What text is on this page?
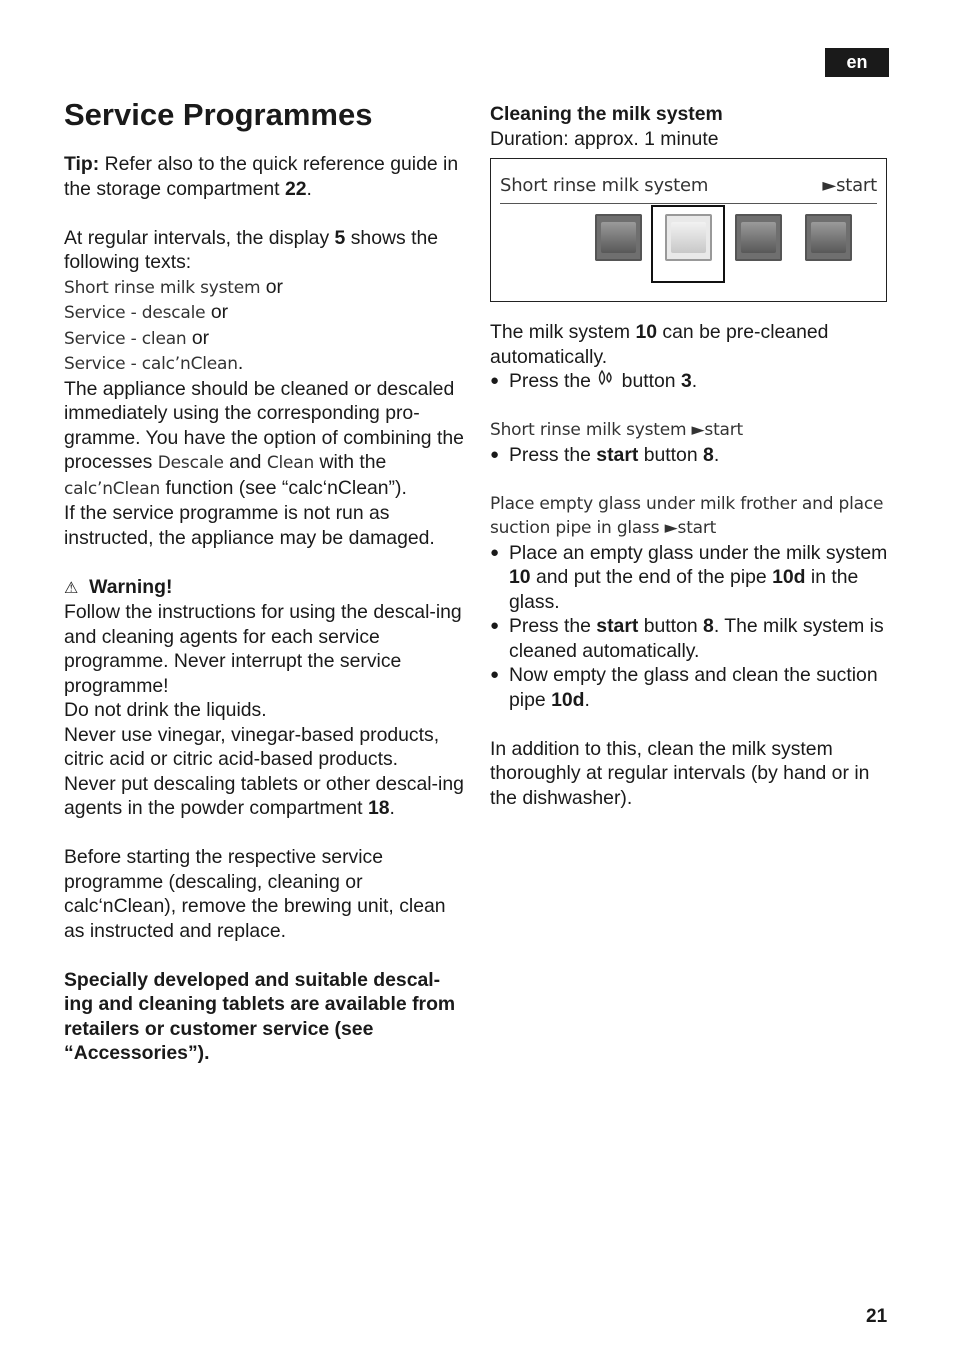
en
Service Programmes

Tip: Refer also to the quick reference guide in the storage compartment 22.

At regular intervals, the display 5 shows the following texts:

Short rinse milk system or

Service - descale or

Service - clean or

Service - calc’nClean.

The appliance should be cleaned or descaled immediately using the corresponding pro-gramme. You have the option of combining the processes Descale and Clean with the calc’nClean function (see “calc‘nClean”).

If the service programme is not run as instructed, the appliance may be damaged.

⚠ Warning!

Follow the instructions for using the descal-ing and cleaning agents for each service programme. Never interrupt the service programme!

Do not drink the liquids.

Never use vinegar, vinegar-based products, citric acid or citric acid-based products.

Never put descaling tablets or other descal-ing agents in the powder compartment 18.

Before starting the respective service programme (descaling, cleaning or calc‘nClean), remove the brewing unit, clean as instructed and replace.

Specially developed and suitable descal-ing and cleaning tablets are available from retailers or customer service (see “Accessories”).

Cleaning the milk system

Duration: approx. 1 minute

Short rinse milk system	►start

The milk system 10 can be pre-cleaned automatically.

● Press the  button 3.

Short rinse milk system ►start

● Press the start button 8.

Place empty glass under milk frother and place suction pipe in glass ►start

● Place an empty glass under the milk system 10 and put the end of the pipe 10d in the glass.
● Press the start button 8. The milk system is cleaned automatically.
● Now empty the glass and clean the suction pipe 10d.

In addition to this, clean the milk system thoroughly at regular intervals (by hand or in the dishwasher).

21
